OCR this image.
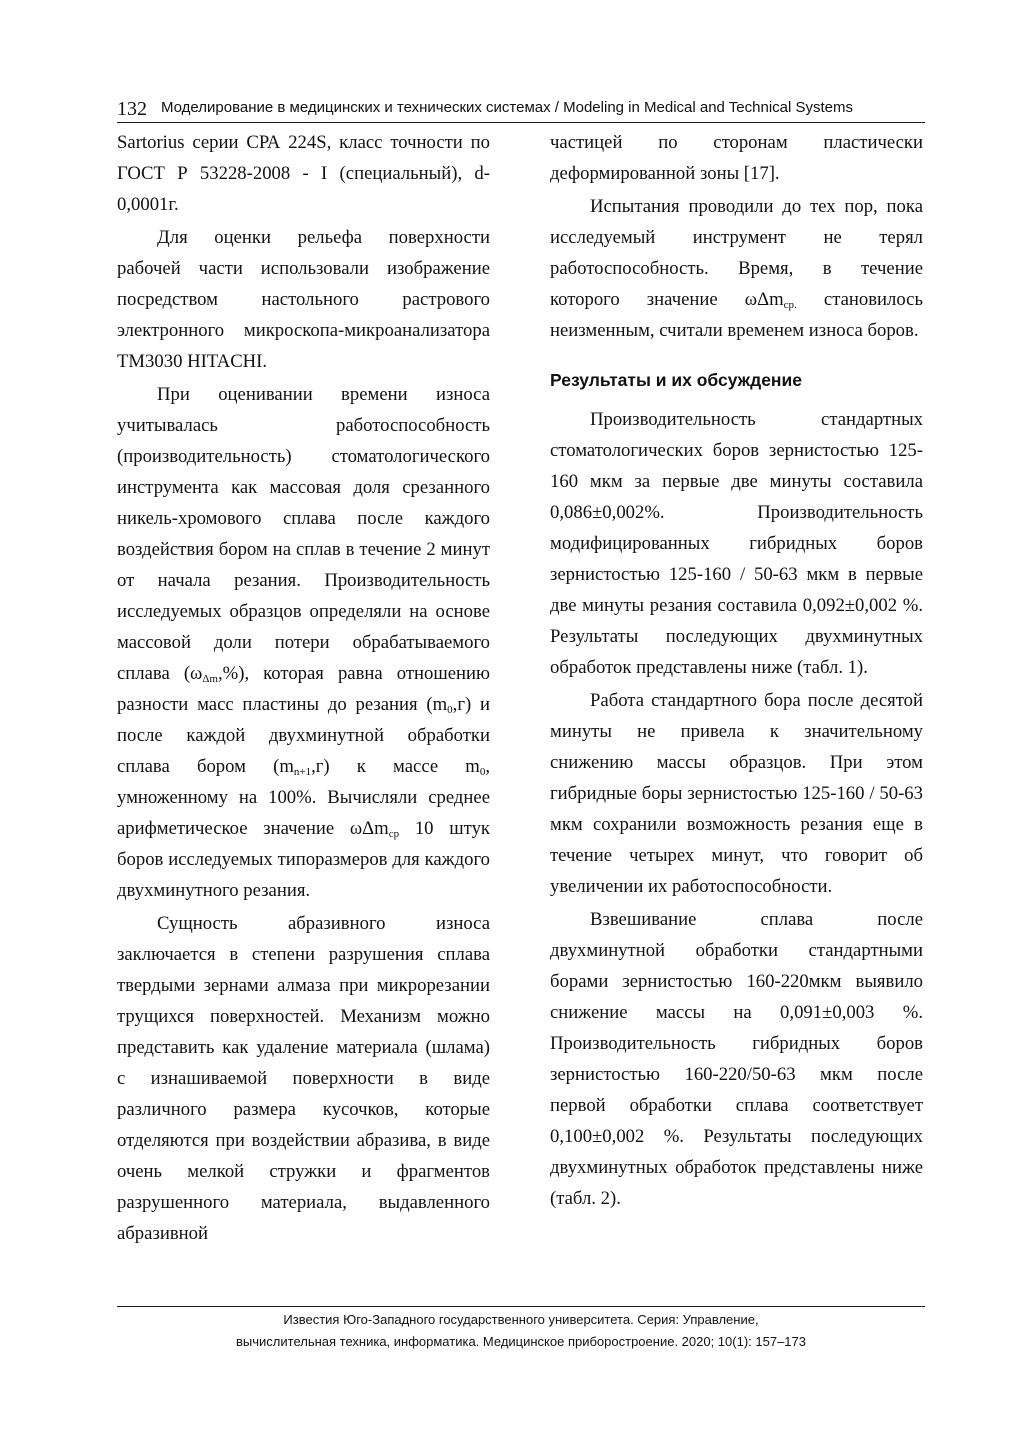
132 Моделирование в медицинских и технических системах / Modeling in Medical and Technical Systems

Sartorius серии СРА 224S, класс точности по ГОСТ Р 53228-2008 - I (специальный), d-0,0001г.

Для оценки рельефа поверхности рабочей части использовали изображение посредством настольного растрового электронного микроскопа-микроанализатора TM3030 HITACHI.

При оценивании времени износа учитывалась работоспособность (производительность) стоматологического инструмента как массовая доля срезанного никель-хромового сплава после каждого воздействия бором на сплав в течение 2 минут от начала резания. Производительность исследуемых образцов определяли на основе массовой доли потери обрабатываемого сплава $(\omega_{\Delta m},\%)$, которая равна отношению разности масс пластины до резания $(m_0,г)$ и после каждой двухминутной обработки сплава бором $(m_{n+1},г)$ к массе $m_0$, умноженному на 100%. Вычисляли среднее арифметическое значение ωΔm$_{ср}$ 10 штук боров исследуемых типоразмеров для каждого двухминутного резания.

Сущность абразивного износа заключается в степени разрушения сплава твердыми зернами алмаза при микрорезании трущихся поверхностей. Механизм можно представить как удаление материала (шлама) с изнашиваемой поверхности в виде различного размера кусочков, которые отделяются при воздействии абразива, в виде очень мелкой стружки и фрагментов разрушенного материала, выдавленного абразивной

частицей по сторонам пластически деформированной зоны [17].

Испытания проводили до тех пор, пока исследуемый инструмент не терял работоспособность. Время, в течение которого значение ωΔm$_{ср.}$ становилось неизменным, считали временем износа боров.

Результаты и их обсуждение

Производительность стандартных стоматологических боров зернистостью 125-160 мкм за первые две минуты составила 0,086±0,002%. Производительность модифицированных гибридных боров зернистостью 125-160 / 50-63 мкм в первые две минуты резания составила 0,092±0,002 %. Результаты последующих двухминутных обработок представлены ниже (табл. 1).

Работа стандартного бора после десятой минуты не привела к значительному снижению массы образцов. При этом гибридные боры зернистостью 125-160 / 50-63 мкм сохранили возможность резания еще в течение четырех минут, что говорит об увеличении их работоспособности.

Взвешивание сплава после двухминутной обработки стандартными борами зернистостью 160-220мкм выявило снижение массы на 0,091±0,003 %. Производительность гибридных боров зернистостью 160-220/50-63 мкм после первой обработки сплава соответствует 0,100±0,002 %. Результаты последующих двухминутных обработок представлены ниже (табл. 2).

Известия Юго-Западного государственного университета. Серия: Управление,
вычислительная техника, информатика. Медицинское приборостроение. 2020; 10(1): 157–173
